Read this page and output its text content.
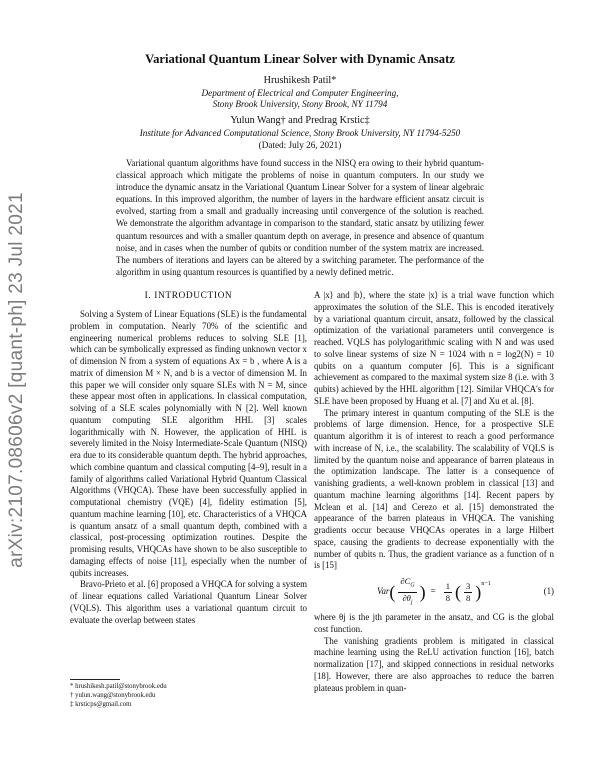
arXiv:2107.08606v2 [quant-ph] 23 Jul 2021
Variational Quantum Linear Solver with Dynamic Ansatz
Hrushikesh Patil*
Department of Electrical and Computer Engineering,
Stony Brook University, Stony Brook, NY 11794
Yulun Wang† and Predrag Krstic‡
Institute for Advanced Computational Science, Stony Brook University, NY 11794-5250
(Dated: July 26, 2021)
Variational quantum algorithms have found success in the NISQ era owing to their hybrid quantum-classical approach which mitigate the problems of noise in quantum computers. In our study we introduce the dynamic ansatz in the Variational Quantum Linear Solver for a system of linear algebraic equations. In this improved algorithm, the number of layers in the hardware efficient ansatz circuit is evolved, starting from a small and gradually increasing until convergence of the solution is reached. We demonstrate the algorithm advantage in comparison to the standard, static ansatz by utilizing fewer quantum resources and with a smaller quantum depth on average, in presence and absence of quantum noise, and in cases when the number of qubits or condition number of the system matrix are increased. The numbers of iterations and layers can be altered by a switching parameter. The performance of the algorithm in using quantum resources is quantified by a newly defined metric.
I. INTRODUCTION

Solving a System of Linear Equations (SLE) is the fundamental problem in computation. Nearly 70% of the scientific and engineering numerical problems reduces to solving SLE [1], which can be symbolically expressed as finding unknown vector x of dimension N from a system of equations Ax = b , where A is a matrix of dimension M × N, and b is a vector of dimension M. In this paper we will consider only square SLEs with N = M, since these appear most often in applications. In classical computation, solving of a SLE scales polynomially with N [2]. Well known quantum computing SLE algorithm HHL [3] scales logarithmically with N. However, the application of HHL is severely limited in the Noisy Intermediate-Scale Quantum (NISQ) era due to its considerable quantum depth. The hybrid approaches, which combine quantum and classical computing [4–9], result in a family of algorithms called Variational Hybrid Quantum Classical Algorithms (VHQCA). These have been successfully applied in computational chemistry (VQE) [4], fidelity estimation [5], quantum machine learning [10], etc. Characteristics of a VHQCA is quantum ansatz of a small quantum depth, combined with a classical, post-processing optimization routines. Despite the promising results, VHQCAs have shown to be also susceptible to damaging effects of noise [11], especially when the number of qubits increases.

Bravo-Prieto et al. [6] proposed a VHQCA for solving a system of linear equations called Variational Quantum Linear Solver (VQLS). This algorithm uses a variational quantum circuit to evaluate the overlap between states

A |x⟩ and |b⟩, where the state |x⟩ is a trial wave function which approximates the solution of the SLE. This is encoded iteratively by a variational quantum circuit, ansatz, followed by the classical optimization of the variational parameters until convergence is reached. VQLS has polylogarithmic scaling with N and was used to solve linear systems of size N = 1024 with n = log2(N) = 10 qubits on a quantum computer [6]. This is a significant achievement as compared to the maximal system size 8 (i.e. with 3 qubits) achieved by the HHL algorithm [12]. Similar VHQCA's for SLE have been proposed by Huang et al. [7] and Xu et al. [8].

The primary interest in quantum computing of the SLE is the problems of large dimension. Hence, for a prospective SLE quantum algorithm it is of interest to reach a good performance with increase of N, i.e., the scalability. The scalability of VQLS is limited by the quantum noise and appearance of barren plateaus in the optimization landscape. The latter is a consequence of vanishing gradients, a well-known problem in classical [13] and quantum machine learning algorithms [14]. Recent papers by Mclean et al. [14] and Cerezo et al. [15] demonstrated the appearance of the barren plateaus in VHQCA. The vanishing gradients occur because VHQCAs operates in a large Hilbert space, causing the gradients to decrease exponentially with the number of qubits n. Thus, the gradient variance as a function of n is [15]

Var ( $\frac{\partial C_G}{\partial\theta_j}$ ) = $\frac{1}{8}$ ( $\frac{3}{8}$ ) n−1
(1)

where θj is the jth parameter in the ansatz, and CG is the global cost function.

The vanishing gradients problem is mitigated in classical machine learning using the ReLU activation function [16], batch normalization [17], and skipped connections in residual networks [18]. However, there are also approaches to reduce the barren plateaus problem in quan-

* hrushikesh.patil@stonybrook.edu
† yulun.wang@stonybrook.edu
‡ krsticps@gmail.com
